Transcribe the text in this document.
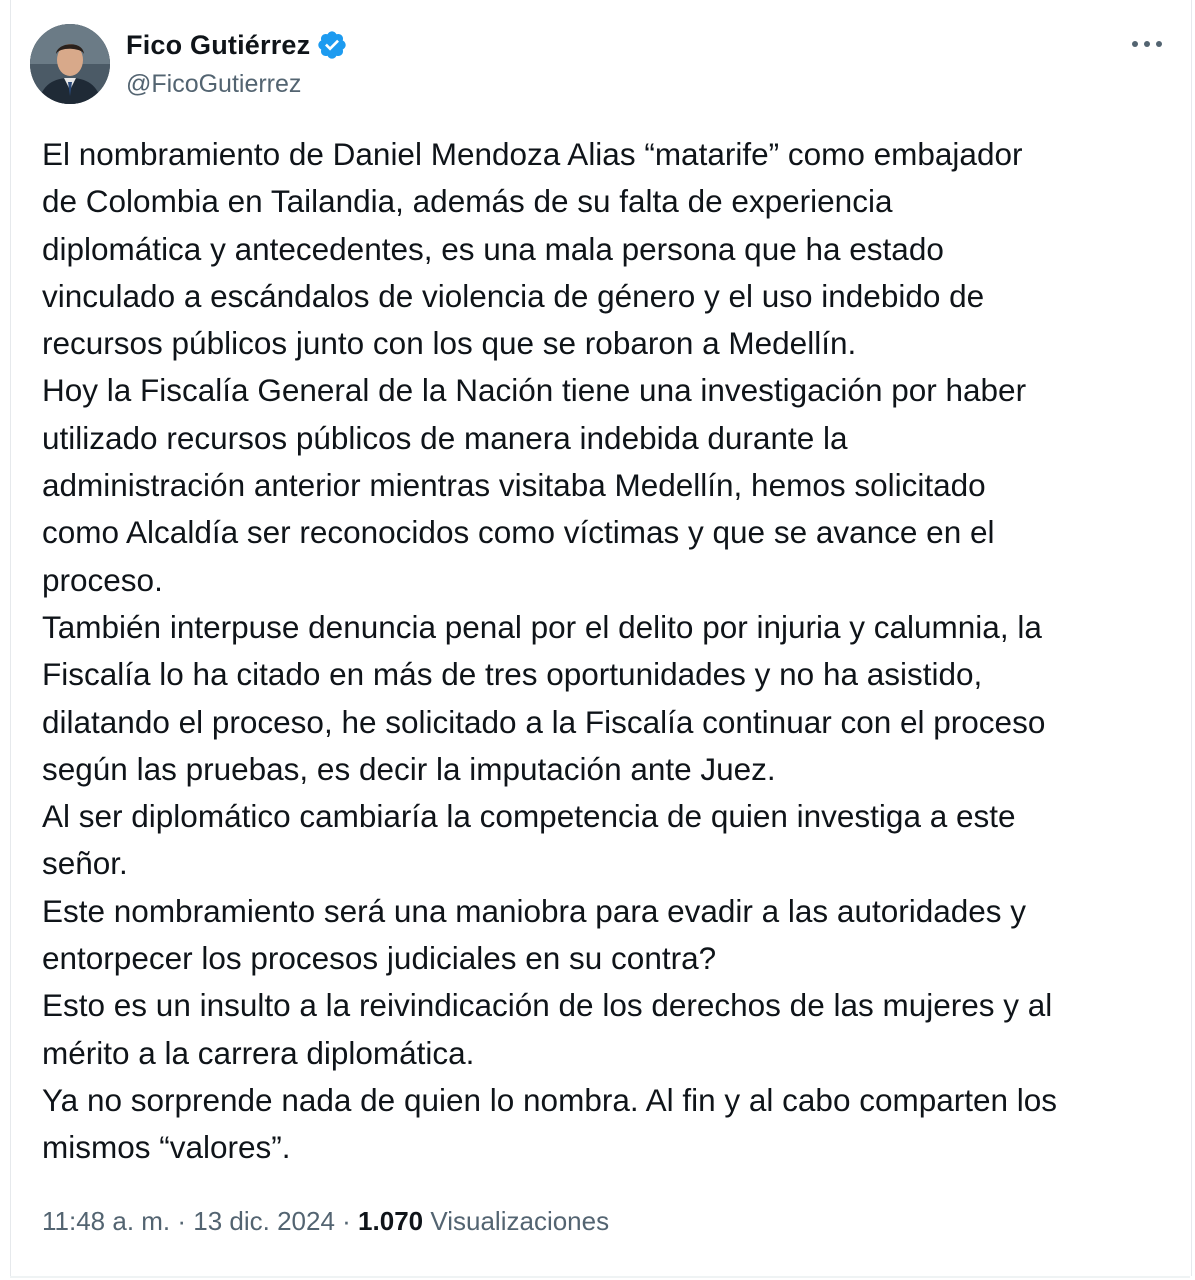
Fico Gutiérrez
@FicoGutierrez
El nombramiento de Daniel Mendoza Alias “matarife” como embajador
de Colombia en Tailandia, además de su falta de experiencia
diplomática y antecedentes, es una mala persona que ha estado
vinculado a escándalos de violencia de género y el uso indebido de
recursos públicos junto con los que se robaron a Medellín.
Hoy la Fiscalía General de la Nación tiene una investigación por haber
utilizado recursos públicos de manera indebida durante la
administración anterior mientras visitaba Medellín, hemos solicitado
como Alcaldía ser reconocidos como víctimas y que se avance en el
proceso.
También interpuse denuncia penal por el delito por injuria y calumnia, la
Fiscalía lo ha citado en más de tres oportunidades y no ha asistido,
dilatando el proceso, he solicitado a la Fiscalía continuar con el proceso
según las pruebas, es decir la imputación ante Juez.
Al ser diplomático cambiaría la competencia de quien investiga a este
señor.
Este nombramiento será una maniobra para evadir a las autoridades y
entorpecer los procesos judiciales en su contra?
Esto es un insulto a la reivindicación de los derechos de las mujeres y al
mérito a la carrera diplomática.
Ya no sorprende nada de quien lo nombra. Al fin y al cabo comparten los
mismos “valores”.
11:48 a. m. · 13 dic. 2024 · 1.070
Visualizaciones
